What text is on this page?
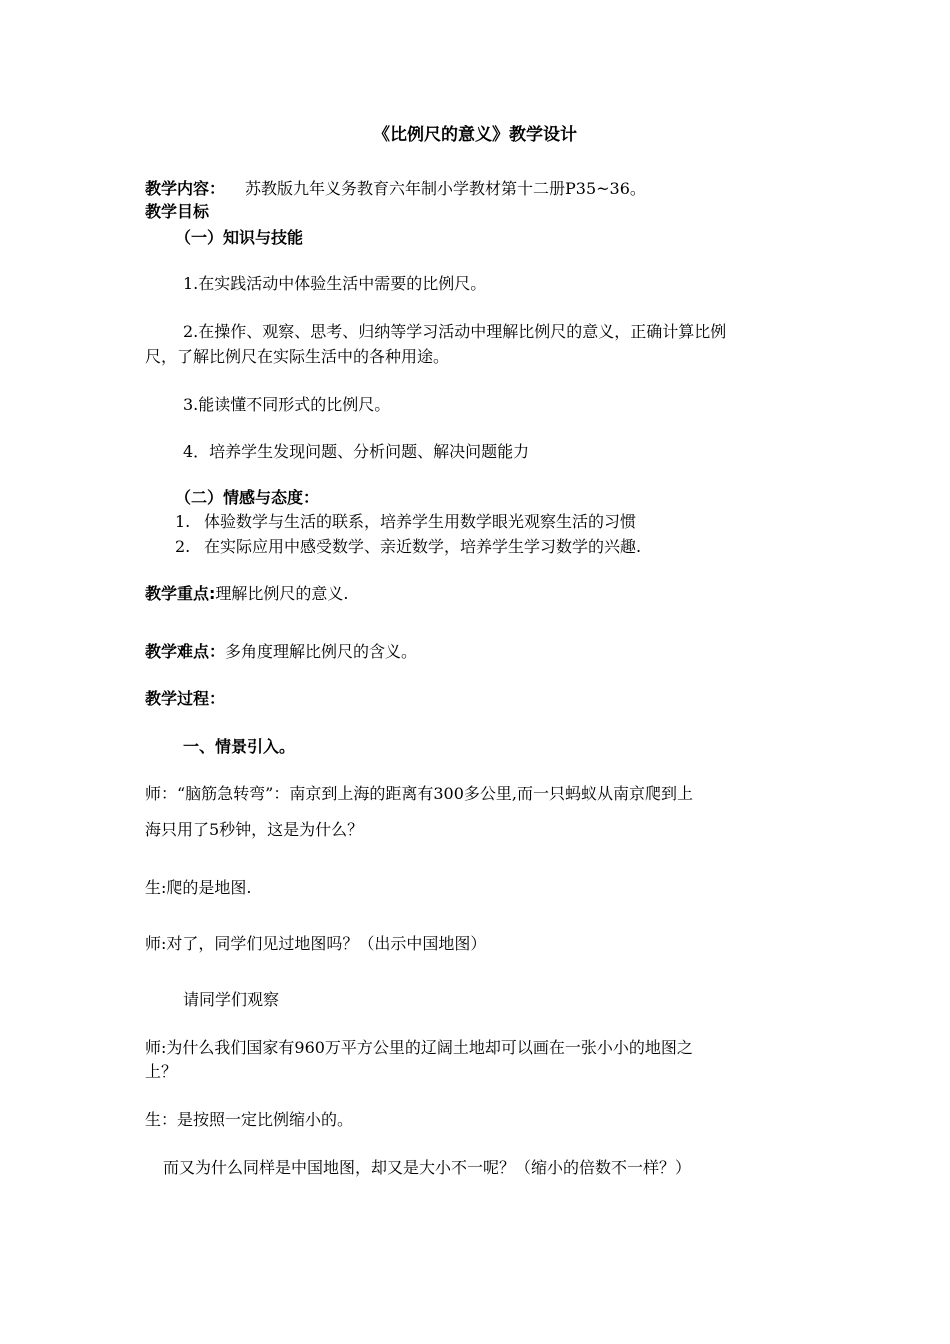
《比例尺的意义》教学设计
教学内容： 苏教版九年义务教育六年制小学教材第十二册P35~36。
教学目标
（一）知识与技能
1.在实践活动中体验生活中需要的比例尺。
2.在操作、观察、思考、归纳等学习活动中理解比例尺的意义，正确计算比例
尺，了解比例尺在实际生活中的各种用途。
3.能读懂不同形式的比例尺。
4．培养学生发现问题、分析问题、解决问题能力
（二）情感与态度：
1. 体验数学与生活的联系，培养学生用数学眼光观察生活的习惯
2. 在实际应用中感受数学、亲近数学，培养学生学习数学的兴趣.
教学重点:理解比例尺的意义.
教学难点：多角度理解比例尺的含义。
教学过程：
一、情景引入。
师：“脑筋急转弯”：南京到上海的距离有300多公里,而一只蚂蚁从南京爬到上
海只用了5秒钟，这是为什么？
生:爬的是地图.
师:对了，同学们见过地图吗？（出示中国地图）
请同学们观察
师:为什么我们国家有960万平方公里的辽阔土地却可以画在一张小小的地图之
上？
生：是按照一定比例缩小的。
而又为什么同样是中国地图，却又是大小不一呢？（缩小的倍数不一样？）
